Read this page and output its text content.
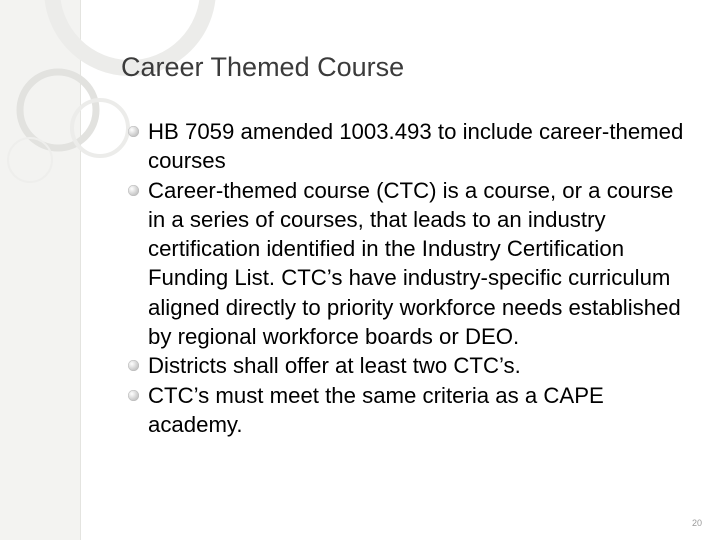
Career Themed Course
HB 7059 amended 1003.493 to include career-themed courses
Career-themed course (CTC) is a course, or a course in a series of courses, that leads to an industry certification identified in the Industry Certification Funding List. CTC’s have industry-specific curriculum aligned directly to priority workforce needs established by regional workforce boards or DEO.
Districts shall offer at least two CTC’s.
CTC’s must meet the same criteria as a CAPE academy.
20
